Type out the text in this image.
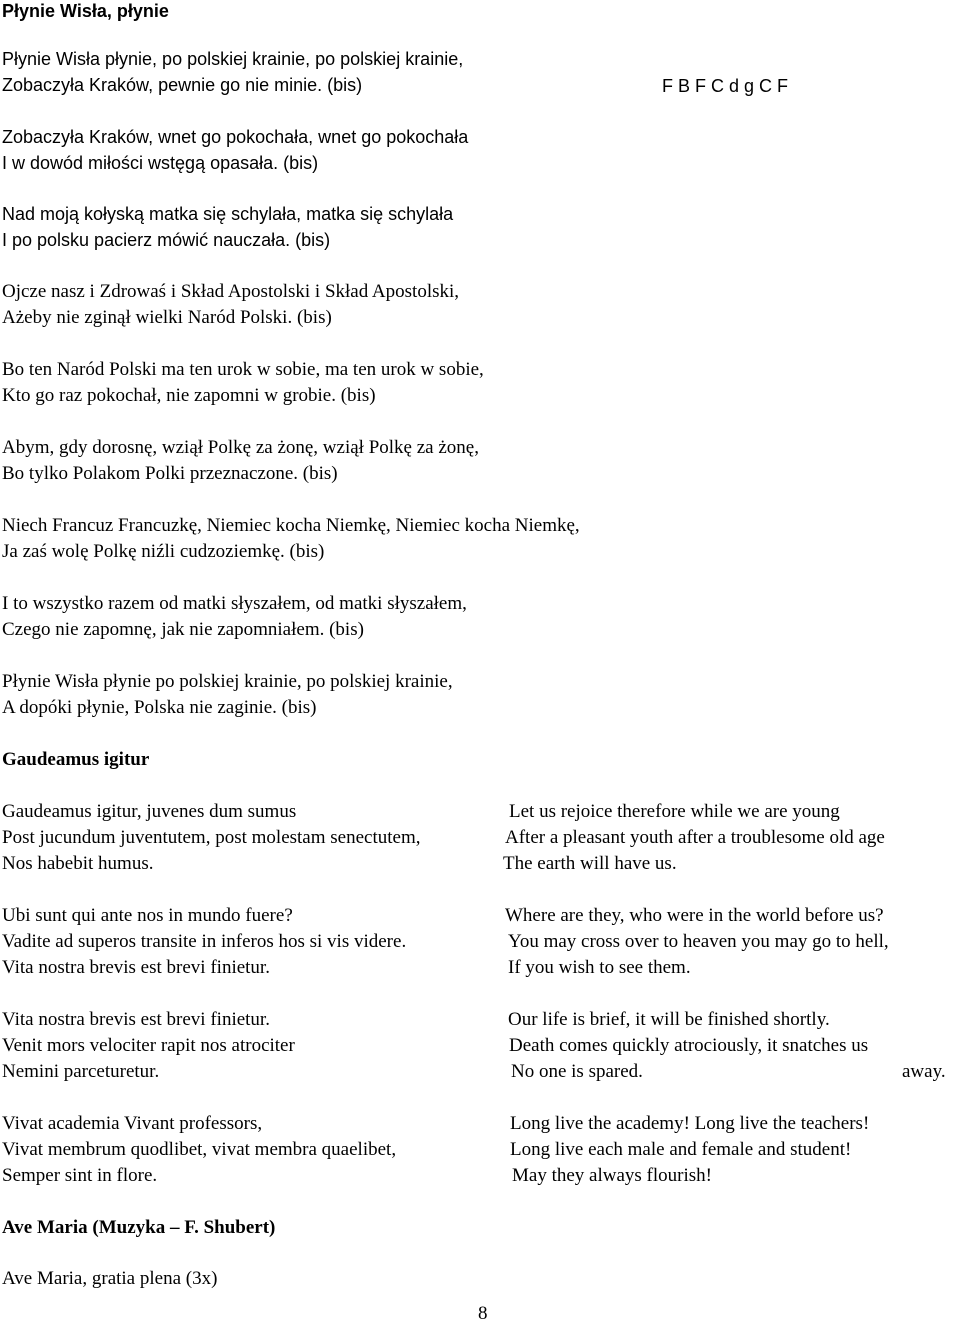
Płynie Wisła, płynie
F B F C d g C F
Płynie Wisła płynie, po polskiej krainie, po polskiej krainie,
Zobaczyła Kraków, pewnie go nie minie. (bis)
Zobaczyła Kraków, wnet go pokochała, wnet go pokochała
I w dowód miłości wstęgą opasała. (bis)
Nad moją kołyską matka się schylała, matka się schylała
I po polsku pacierz mówić nauczała. (bis)
Ojcze nasz i Zdrowaś i Skład Apostolski i Skład Apostolski,
Ażeby nie zginął wielki Naród Polski. (bis)
Bo ten Naród Polski ma ten urok w sobie, ma ten urok w sobie,
Kto go raz pokochał, nie zapomni w grobie. (bis)
Abym, gdy dorosnę, wziął Polkę za żonę, wziął Polkę za żonę,
Bo tylko Polakom Polki przeznaczone. (bis)
Niech Francuz Francuzkę, Niemiec kocha Niemkę, Niemiec kocha Niemkę,
Ja zaś wolę Polkę niźli cudzoziemkę. (bis)
I to wszystko razem od matki słyszałem, od matki słyszałem,
Czego nie zapomnę, jak nie zapomniałem. (bis)
Płynie Wisła płynie po polskiej krainie, po polskiej krainie,
A dopóki płynie, Polska nie zaginie. (bis)
Gaudeamus igitur
Gaudeamus igitur, juvenes dum sumus
Post jucundum juventutem, post molestam senectutem,
Nos habebit humus.
Let us rejoice therefore while we are young
After a pleasant youth after a troublesome old age
The earth will have us.
Ubi sunt qui ante nos in mundo fuere?
Vadite ad superos transite in inferos hos si vis videre.
Vita nostra brevis est brevi finietur.
Where are they, who were in the world before us?
You may cross over to heaven you may go to hell,
If you wish to see them.
Vita nostra brevis est brevi finietur.
Venit mors velociter rapit nos atrociter
Nemini parceturetur.
Our life is brief, it will be finished shortly.
Death comes quickly atrociously, it snatches us
No one is spared.	away.
Vivat academia Vivant professors,
Vivat membrum quodlibet, vivat membra quaelibet,
Semper sint in flore.
Long live the academy! Long live the teachers!
Long live each male and female and student!
May they always flourish!
Ave Maria (Muzyka – F. Shubert)
Ave Maria, gratia plena (3x)
8
